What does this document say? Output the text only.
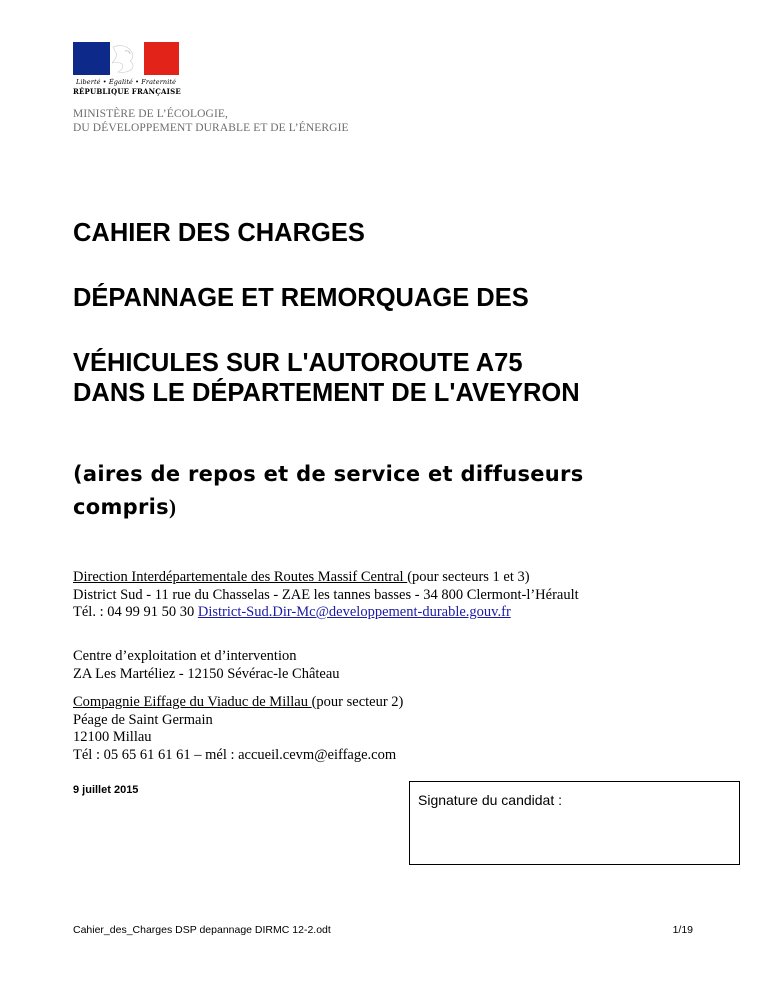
Liberté • Égalité • Fraternité
RÉPUBLIQUE FRANÇAISE
MINISTÈRE DE L’ÉCOLOGIE,
DU DÉVELOPPEMENT DURABLE ET DE L’ÉNERGIE
CAHIER DES CHARGES
DÉPANNAGE ET REMORQUAGE DES
VÉHICULES SUR L'AUTOROUTE A75
DANS LE DÉPARTEMENT DE L'AVEYRON
(aires de repos et de service et diffuseurs compris)
Direction Interdépartementale des Routes Massif Central (pour secteurs 1 et 3)
District Sud - 11 rue du Chasselas - ZAE les tannes basses - 34 800 Clermont-l’Hérault
Tél. : 04 99 91 50 30 District-Sud.Dir-Mc@developpement-durable.gouv.fr
Centre d’exploitation et d’intervention
ZA Les Martéliez - 12150 Sévérac-le Château
Compagnie Eiffage du Viaduc de Millau (pour secteur 2)
Péage de Saint Germain
12100 Millau
Tél : 05 65 61 61 61 – mél : accueil.cevm@eiffage.com
9 juillet 2015
Signature du candidat :
Cahier_des_Charges DSP depannage DIRMC 12-2.odt	1/19
